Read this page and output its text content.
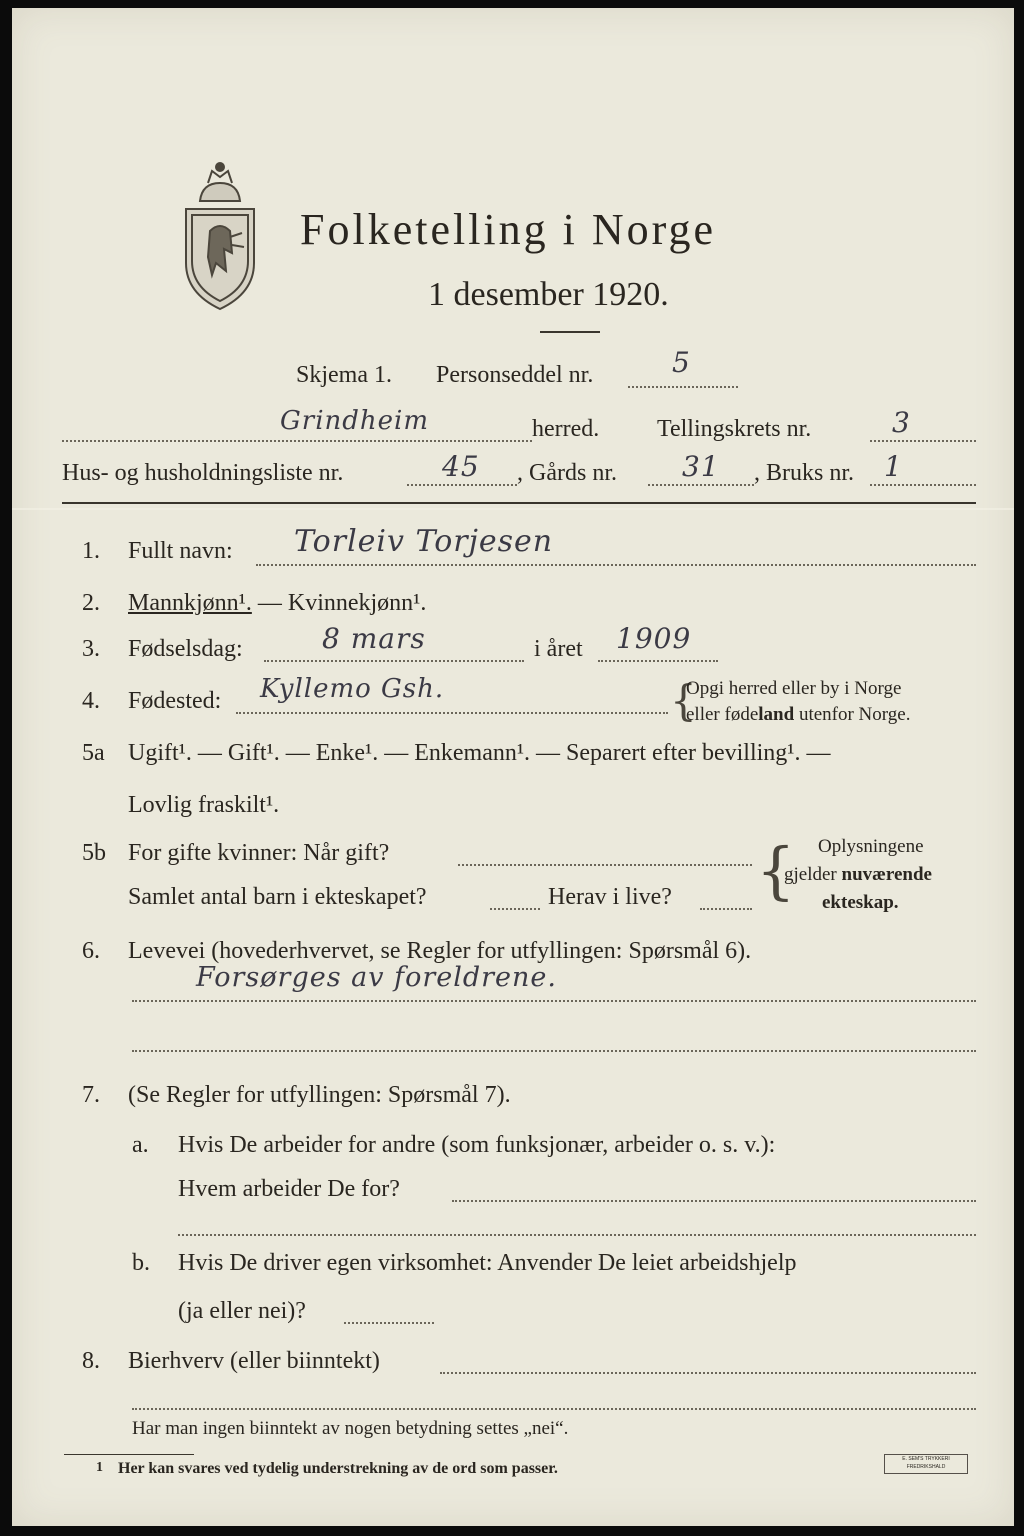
Folketelling i Norge
1 desember 1920.
Skjema 1. Personseddel nr.	5
Grindheim	herred. Tellingskrets nr.	3
Hus- og husholdningsliste nr.	45 , Gårds nr. 31 , Bruks nr. 1
1. Fullt navn: Torleiv Torjesen
2. Mannkjønn¹. — Kvinnekjønn¹.
3. Fødselsdag:	8 mars	i året 1909
4. Fødested: Kyllemo Gsh.	{
Opgi herred eller by i Norge
eller fødeland utenfor Norge.
5a Ugift¹. — Gift¹. — Enke¹. — Enkemann¹. — Separert efter bevilling¹. —
Lovlig fraskilt¹.
5b For gifte kvinner: Når gift?
Samlet antal barn i ekteskapet?	Herav i live? { Oplysningene
gjelder nuværende
ekteskap.
6. Levevei (hovederhvervet, se Regler for utfyllingen: Spørsmål 6).
Forsørges av foreldrene.
7. (Se Regler for utfyllingen: Spørsmål 7).
a. Hvis De arbeider for andre (som funksjonær, arbeider o. s. v.):
Hvem arbeider De for?
b. Hvis De driver egen virksomhet: Anvender De leiet arbeidshjelp
(ja eller nei)?
8. Bierhverv (eller biinntekt)
Har man ingen biinntekt av nogen betydning settes „nei“.
1 Her kan svares ved tydelig understrekning av de ord som passer.
E. SEM'S TRYKKERI FREDRIKSHALD
